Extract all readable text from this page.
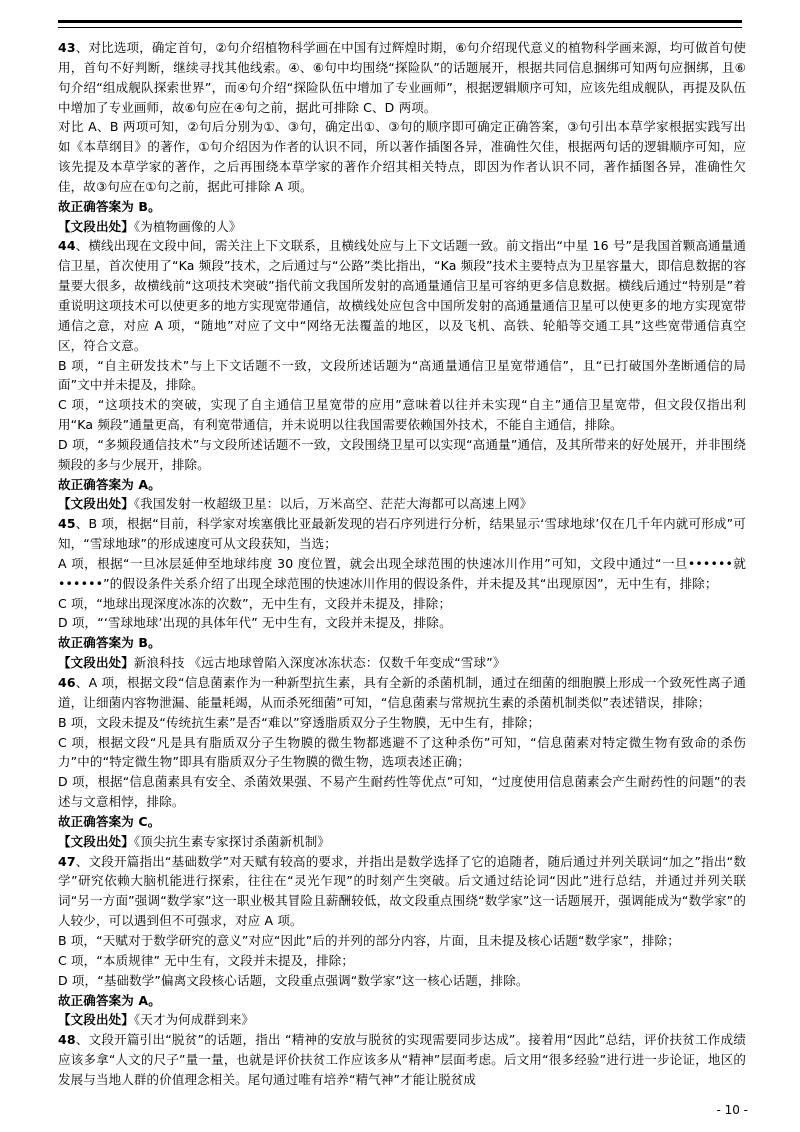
43、对比选项，确定首句，②句介绍植物科学画在中国有过辉煌时期，⑥句介绍现代意义的植物科学画来源，均可做首句使用，首句不好判断，继续寻找其他线索。④、⑥句中均围绕“探险队”的话题展开，根据共同信息捆绑可知两句应捆绑，且⑥句介绍“组成舰队探索世界”，而④句介绍“探险队伍中增加了专业画师”，根据逻辑顺序可知，应该先组成舰队，再提及队伍中增加了专业画师，故⑥句应在④句之前，据此可排除 C、D 两项。

对比 A、B 两项可知，②句后分别为①、③句，确定出①、③句的顺序即可确定正确答案，③句引出本草学家根据实践写出如《本草纲目》的著作，①句介绍因为作者的认识不同，所以著作插图各异，准确性欠佳，根据两句话的逻辑顺序可知，应该先提及本草学家的著作，之后再围绕本草学家的著作介绍其相关特点，即因为作者认识不同，著作插图各异，准确性欠佳，故③句应在①句之前，据此可排除 A 项。

故正确答案为 B。

【文段出处】《为植物画像的人》

44、横线出现在文段中间，需关注上下文联系，且横线处应与上下文话题一致。前文指出“中星 16 号”是我国首颗高通量通信卫星，首次使用了“Ka 频段”技术，之后通过与“公路”类比指出，“Ka 频段”技术主要特点为卫星容量大，即信息数据的容量要大很多，故横线前“这项技术突破”指代前文我国所发射的高通量通信卫星可容纳更多信息数据。横线后通过“特别是”着重说明这项技术可以使更多的地方实现宽带通信，故横线处应包含中国所发射的高通量通信卫星可以使更多的地方实现宽带通信之意，对应 A 项，“随地”对应了文中“网络无法覆盖的地区，以及飞机、高铁、轮船等交通工具”这些宽带通信真空区，符合文意。

B 项，“自主研发技术”与上下文话题不一致，文段所述话题为“高通量通信卫星宽带通信”，且“已打破国外垄断通信的局面”文中并未提及，排除。

C 项，“这项技术的突破，实现了自主通信卫星宽带的应用”意味着以往并未实现“自主”通信卫星宽带，但文段仅指出利用“Ka 频段”通量更高，有利宽带通信，并未说明以往我国需要依赖国外技术，不能自主通信，排除。

D 项，“多频段通信技术”与文段所述话题不一致，文段围绕卫星可以实现“高通量”通信，及其所带来的好处展开，并非围绕频段的多与少展开，排除。

故正确答案为 A。

【文段出处】《我国发射一枚超级卫星：以后，万米高空、茫茫大海都可以高速上网》

45、B 项，根据“目前，科学家对埃塞俄比亚最新发现的岩石序列进行分析，结果显示‘雪球地球’仅在几千年内就可形成”可知，“雪球地球”的形成速度可从文段获知，当选；

A 项，根据“一旦冰层延伸至地球纬度 30 度位置，就会出现全球范围的快速冰川作用”可知，文段中通过“一旦••••••就••••••”的假设条件关系介绍了出现全球范围的快速冰川作用的假设条件，并未提及其“出现原因”，无中生有，排除；

C 项，“地球出现深度冰冻的次数”，无中生有，文段并未提及，排除；

D 项，“‘雪球地球’出现的具体年代” 无中生有，文段并未提及，排除。

故正确答案为 B。

【文段出处】新浪科技 《远古地球曾陷入深度冰冻状态：仅数千年变成“雪球”》

46、A 项，根据文段“信息菌素作为一种新型抗生素，具有全新的杀菌机制，通过在细菌的细胞膜上形成一个致死性离子通道，让细菌内容物泄漏、能量耗竭，从而杀死细菌”可知，“信息菌素与常规抗生素的杀菌机制类似”表述错误，排除；

B 项，文段未提及“传统抗生素”是否“难以”穿透脂质双分子生物膜，无中生有，排除；

C 项，根据文段“凡是具有脂质双分子生物膜的微生物都逃避不了这种杀伤”可知，“信息菌素对特定微生物有致命的杀伤力”中的“特定微生物”即具有脂质双分子生物膜的微生物，选项表述正确；

D 项，根据“信息菌素具有安全、杀菌效果强、不易产生耐药性等优点”可知，“过度使用信息菌素会产生耐药性的问题”的表述与文意相悖，排除。

故正确答案为 C。

【文段出处】《顶尖抗生素专家探讨杀菌新机制》

47、文段开篇指出“基础数学”对天赋有较高的要求，并指出是数学选择了它的追随者，随后通过并列关联词“加之”指出“数学”研究依赖大脑机能进行探索，往往在“灵光乍现”的时刻产生突破。后文通过结论词“因此”进行总结，并通过并列关联词“另一方面”强调“数学家”这一职业极其冒险且薪酬较低，故文段重点围绕“数学家”这一话题展开，强调能成为“数学家”的人较少，可以遇到但不可强求，对应 A 项。

B 项，“天赋对于数学研究的意义”对应“因此”后的并列的部分内容，片面，且未提及核心话题“数学家”，排除；

C 项，“本质规律” 无中生有，文段并未提及，排除；

D 项，“基础数学”偏离文段核心话题，文段重点强调“数学家”这一核心话题，排除。

故正确答案为 A。

【文段出处】《天才为何成群到来》

48、文段开篇引出“脱贫”的话题，指出 “精神的安放与脱贫的实现需要同步达成”。接着用“因此”总结，评价扶贫工作成绩应该多拿“人文的尺子”量一量，也就是评价扶贫工作应该多从“精神”层面考虑。后文用“很多经验”进行进一步论证，地区的发展与当地人群的价值理念相关。尾句通过唯有培养“精气神”才能让脱贫成

- 10 -
